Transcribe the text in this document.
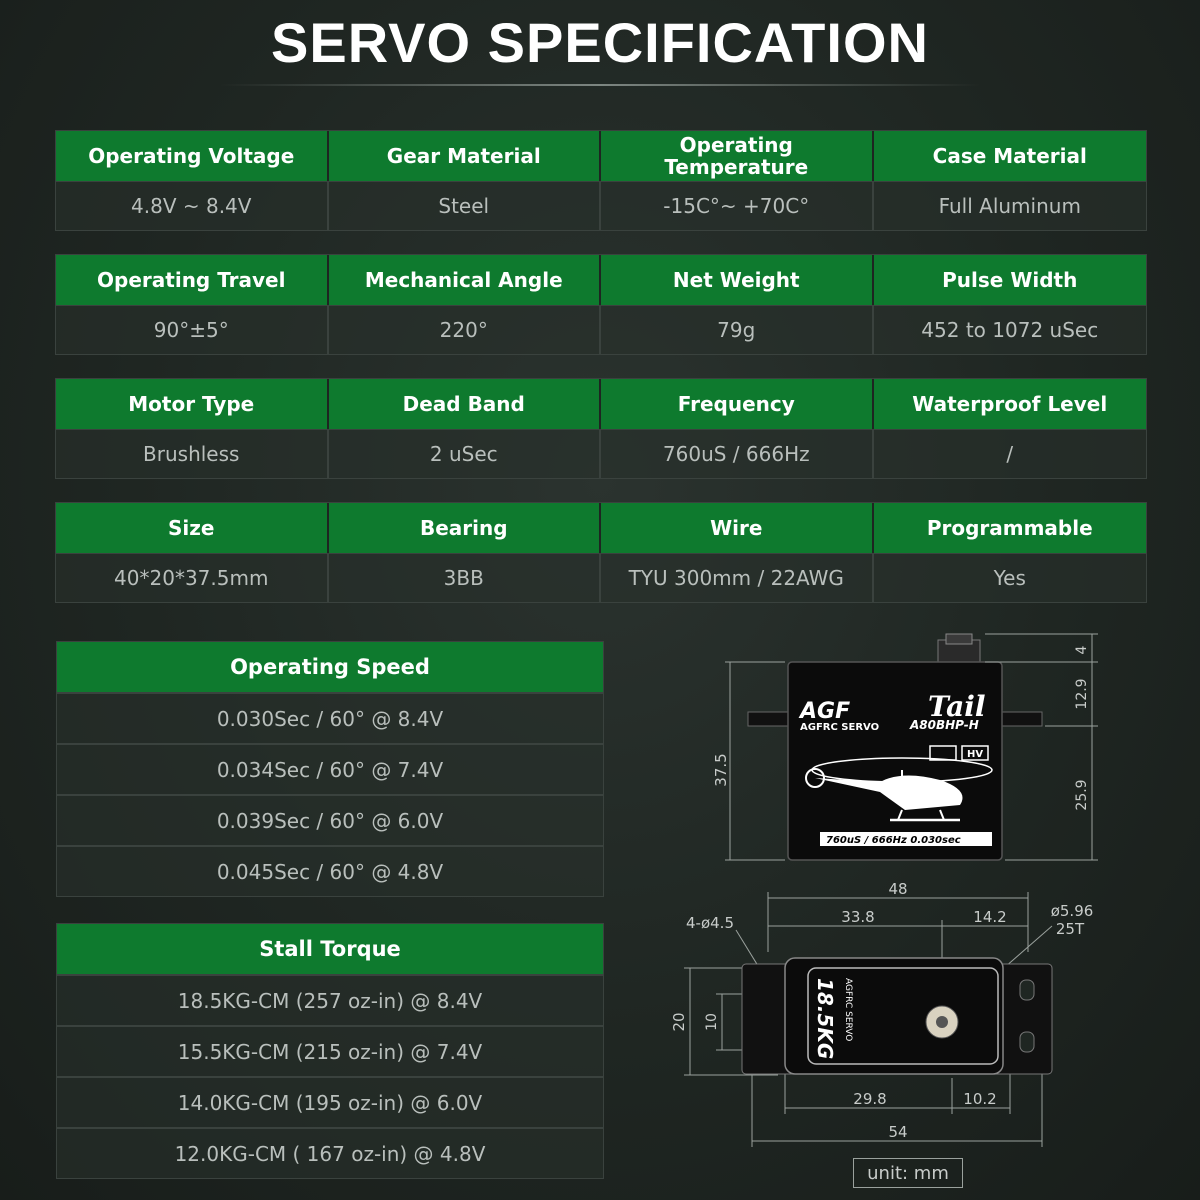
SERVO SPECIFICATION
Operating Voltage	Gear Material	Operating Temperature	Case Material
4.8V ~ 8.4V	Steel	-15C°~ +70C°	Full Aluminum
Operating Travel	Mechanical Angle	Net Weight	Pulse Width
90°±5°	220°	79g	452 to 1072 uSec
Motor Type	Dead Band	Frequency	Waterproof Level
Brushless	2 uSec	760uS / 666Hz	/
Size	Bearing	Wire	Programmable
40*20*37.5mm	3BB	TYU 300mm / 22AWG	Yes
Operating Speed
0.030Sec / 60° @ 8.4V
0.034Sec / 60° @ 7.4V
0.039Sec / 60° @ 6.0V
0.045Sec / 60° @ 4.8V
Stall Torque
18.5KG-CM (257 oz-in) @ 8.4V
15.5KG-CM (215 oz-in) @ 7.4V
14.0KG-CM (195 oz-in) @ 6.0V
12.0KG-CM ( 167 oz-in) @ 4.8V
AGF
AGFRC SERVO
Tail
A80BHP-H
HV
760uS / 666Hz 0.030sec
37.5
4
12.9
25.9
18.5KG AGFRC SERVO
48
33.8	14.2
4-ø4.5
ø5.96
25T
20 10
29.8	10.2
54
unit: mm
